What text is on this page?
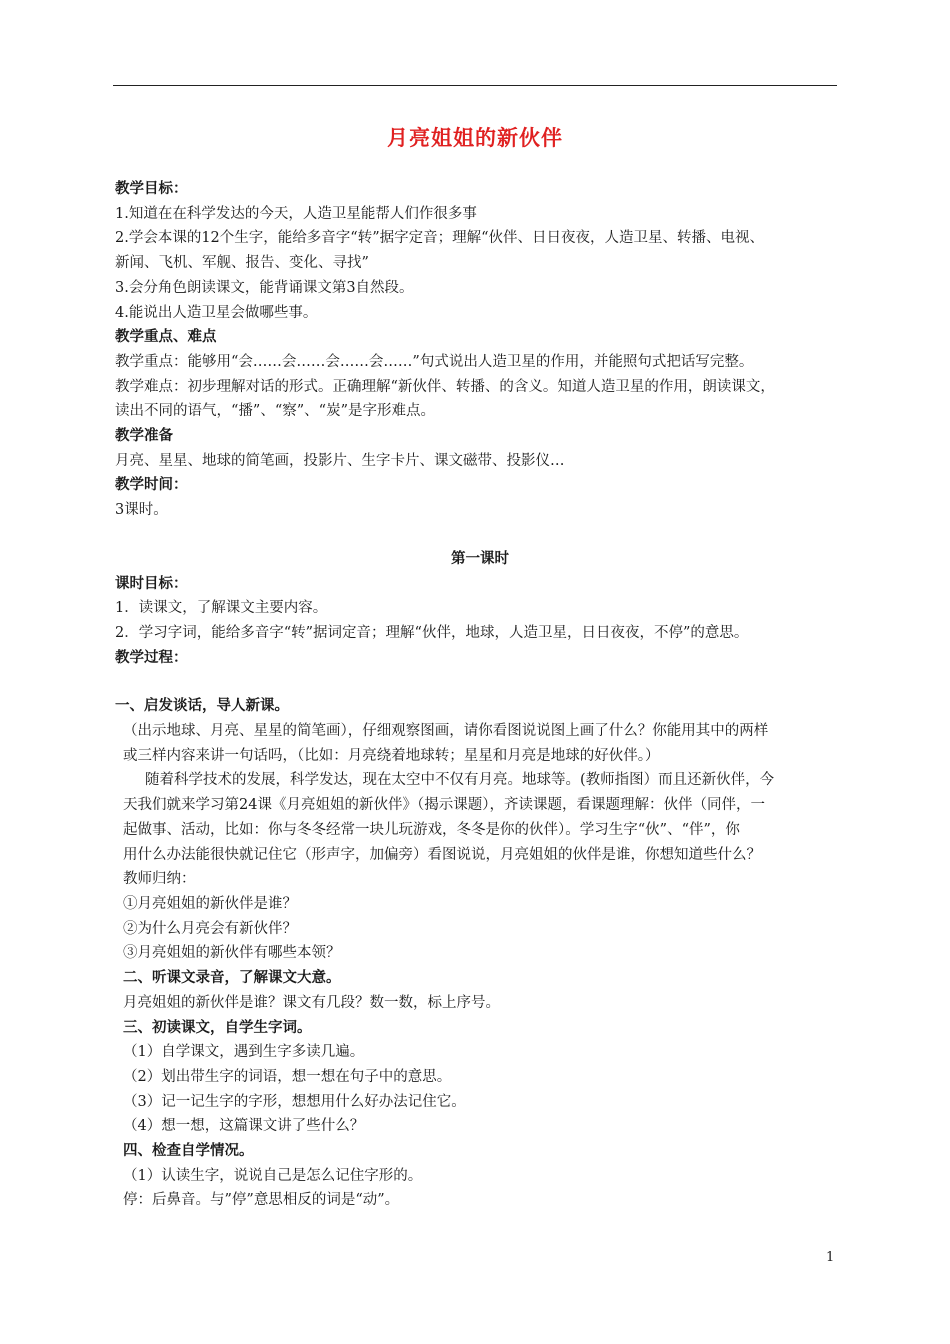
月亮姐姐的新伙伴
教学目标：
1.知道在在科学发达的今天，人造卫星能帮人们作很多事
2.学会本课的12个生字，能给多音字“转”据字定音；理解“伙伴、日日夜夜，人造卫星、转播、电视、
新闻、飞机、军舰、报告、变化、寻找”
3.会分角色朗读课文，能背诵课文第3自然段。
4.能说出人造卫星会做哪些事。
教学重点、难点
教学重点：能够用“会……会……会……会……”句式说出人造卫星的作用，并能照句式把话写完整。
教学难点：初步理解对话的形式。正确理解“新伙伴、转播、的含义。知道人造卫星的作用，朗读课文，
读出不同的语气，“播”、“察”、“炭”是字形难点。
教学准备
月亮、星星、地球的简笔画，投影片、生字卡片、课文磁带、投影仪…
教学时间：
3课时。
第一课时
课时目标：
1．读课文，了解课文主要内容。
2．学习字词，能给多音字“转”据词定音；理解“伙伴，地球，人造卫星，日日夜夜，不停”的意思。
教学过程：
一、启发谈话，导人新课。
（出示地球、月亮、星星的简笔画），仔细观察图画，请你看图说说图上画了什么？你能用其中的两样
或三样内容来讲一句话吗，（比如：月亮绕着地球转；星星和月亮是地球的好伙伴。）
随着科学技术的发展，科学发达，现在太空中不仅有月亮。地球等。(教师指图）而且还新伙伴，今
天我们就来学习第24课《月亮姐姐的新伙伴》（揭示课题），齐读课题，看课题理解：伙伴（同伴，一
起做事、活动，比如：你与冬冬经常一块儿玩游戏，冬冬是你的伙伴）。学习生字“伙”、“伴”，你
用什么办法能很快就记住它（形声字，加偏旁）看图说说，月亮姐姐的伙伴是谁，你想知道些什么？
教师归纳：
①月亮姐姐的新伙伴是谁？
②为什么月亮会有新伙伴？
③月亮姐姐的新伙伴有哪些本领？
二、听课文录音，了解课文大意。
月亮姐姐的新伙伴是谁？课文有几段？数一数，标上序号。
三、初读课文，自学生字词。
（1）自学课文，遇到生字多读几遍。
（2）划出带生字的词语，想一想在句子中的意思。
（3）记一记生字的字形，想想用什么好办法记住它。
（4）想一想，这篇课文讲了些什么？
四、检查自学情况。
（1）认读生字，说说自己是怎么记住字形的。
停：后鼻音。与”停”意思相反的词是“动”。
1
